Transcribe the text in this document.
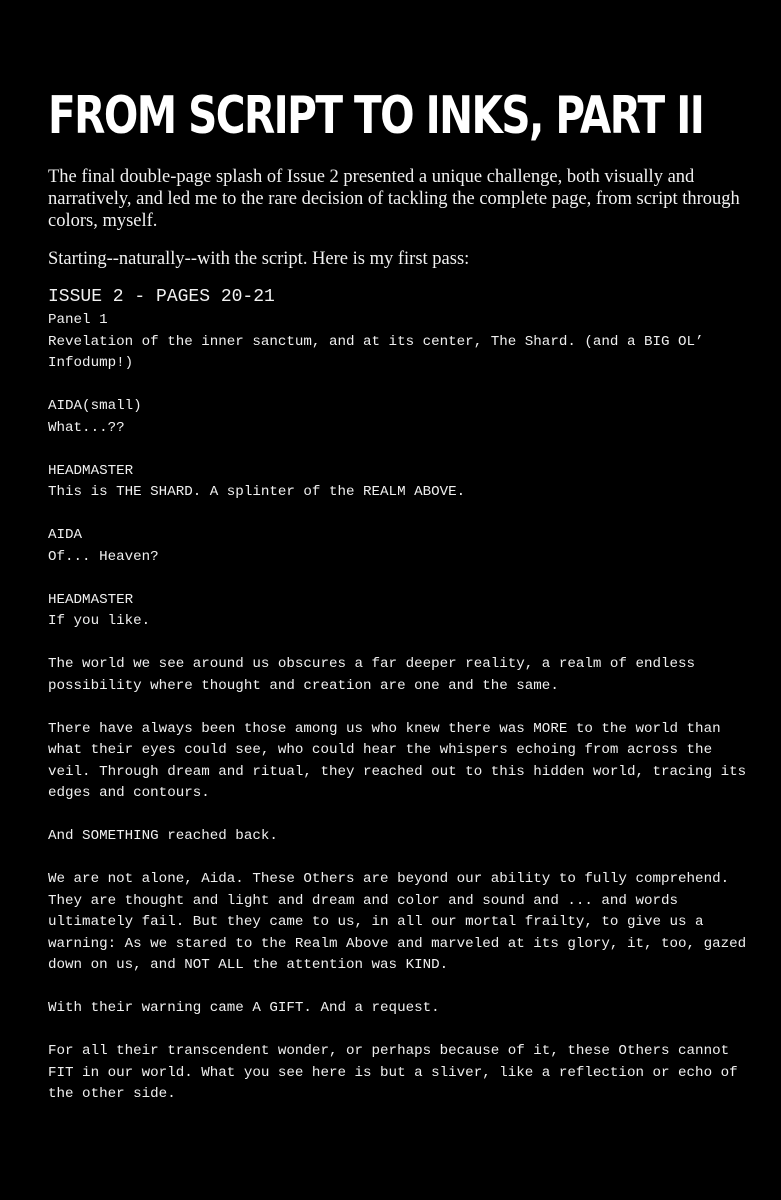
FROM SCRIPT TO INKS, PART II

The final double-page splash of Issue 2 presented a unique challenge, both visually and narratively, and led me to the rare decision of tackling the complete page, from script through colors, myself.

Starting--naturally--with the script. Here is my first pass:

ISSUE 2 - PAGES 20-21
Panel 1
Revelation of the inner sanctum, and at its center, The Shard. (and a BIG OL’ Infodump!)
AIDA(small)
What...??
HEADMASTER
This is THE SHARD. A splinter of the REALM ABOVE.
AIDA
Of... Heaven?
HEADMASTER
If you like.
The world we see around us obscures a far deeper reality, a realm of endless possibility where thought and creation are one and the same.
There have always been those among us who knew there was MORE to the world than what their eyes could see, who could hear the whispers echoing from across the veil. Through dream and ritual, they reached out to this hidden world, tracing its edges and contours.
And SOMETHING reached back.
We are not alone, Aida. These Others are beyond our ability to fully comprehend. They are thought and light and dream and color and sound and ... and words ultimately fail. But they came to us, in all our mortal frailty, to give us a warning: As we stared to the Realm Above and marveled at its glory, it, too, gazed down on us, and NOT ALL the attention was KIND.
With their warning came A GIFT. And a request.
For all their transcendent wonder, or perhaps because of it, these Others cannot FIT in our world. What you see here is but a sliver, like a reflection or echo of the other side.
